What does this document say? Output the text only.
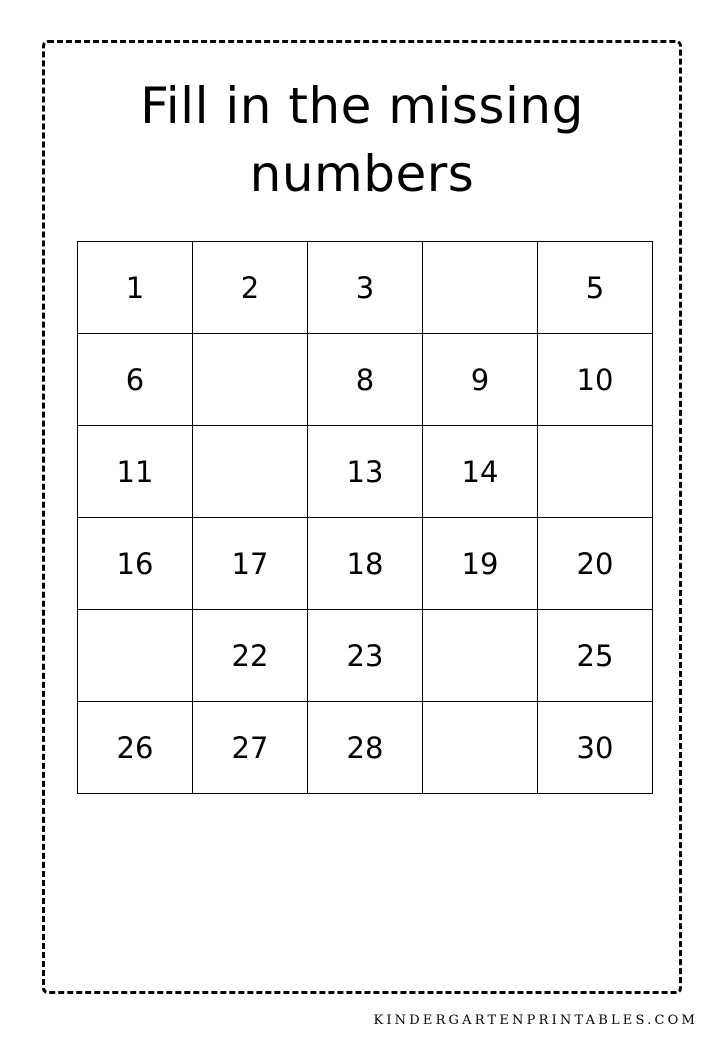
Fill in the missing
numbers
1	2	3		5
6		8	9	10
11		13	14	
16	17	18	19	20
	22	23		25
26	27	28		30

KINDERGARTENPRINTABLES.COM
